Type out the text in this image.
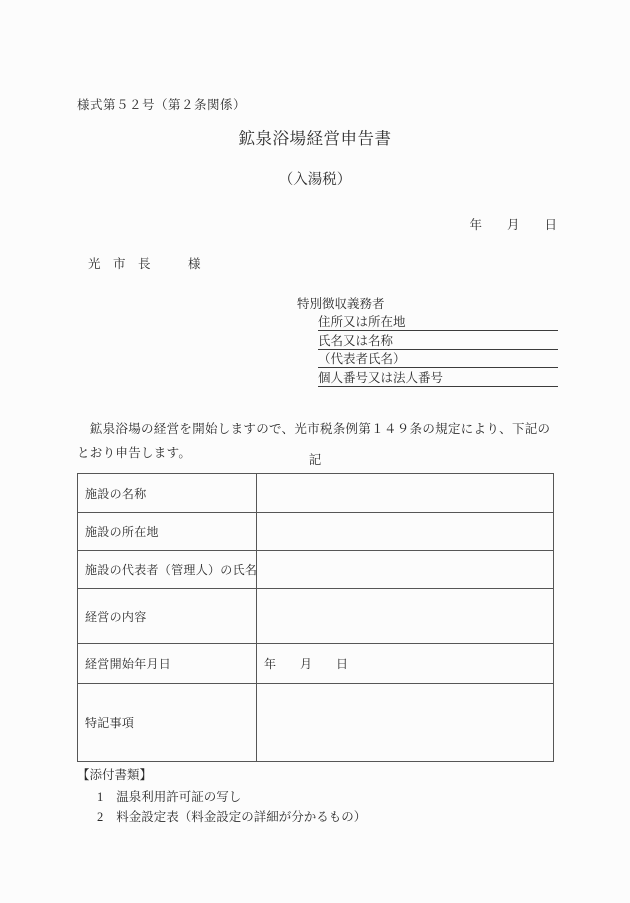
様式第５２号（第２条関係）
鉱泉浴場経営申告書
（入湯税）
年　　月　　日
光　市　長　　　様
特別徴収義務者
住所又は所在地
氏名又は名称
（代表者氏名）
個人番号又は法人番号

　鉱泉浴場の経営を開始しますので、光市税条例第１４９条の規定により、下記のとおり申告します。	記
施設の名称	
施設の所在地	
施設の代表者（管理人）の氏名	
経営の内容	
経営開始年月日	年　　月　　日
特記事項	
【添付書類】
1 温泉利用許可証の写し
2 料金設定表（料金設定の詳細が分かるもの）
